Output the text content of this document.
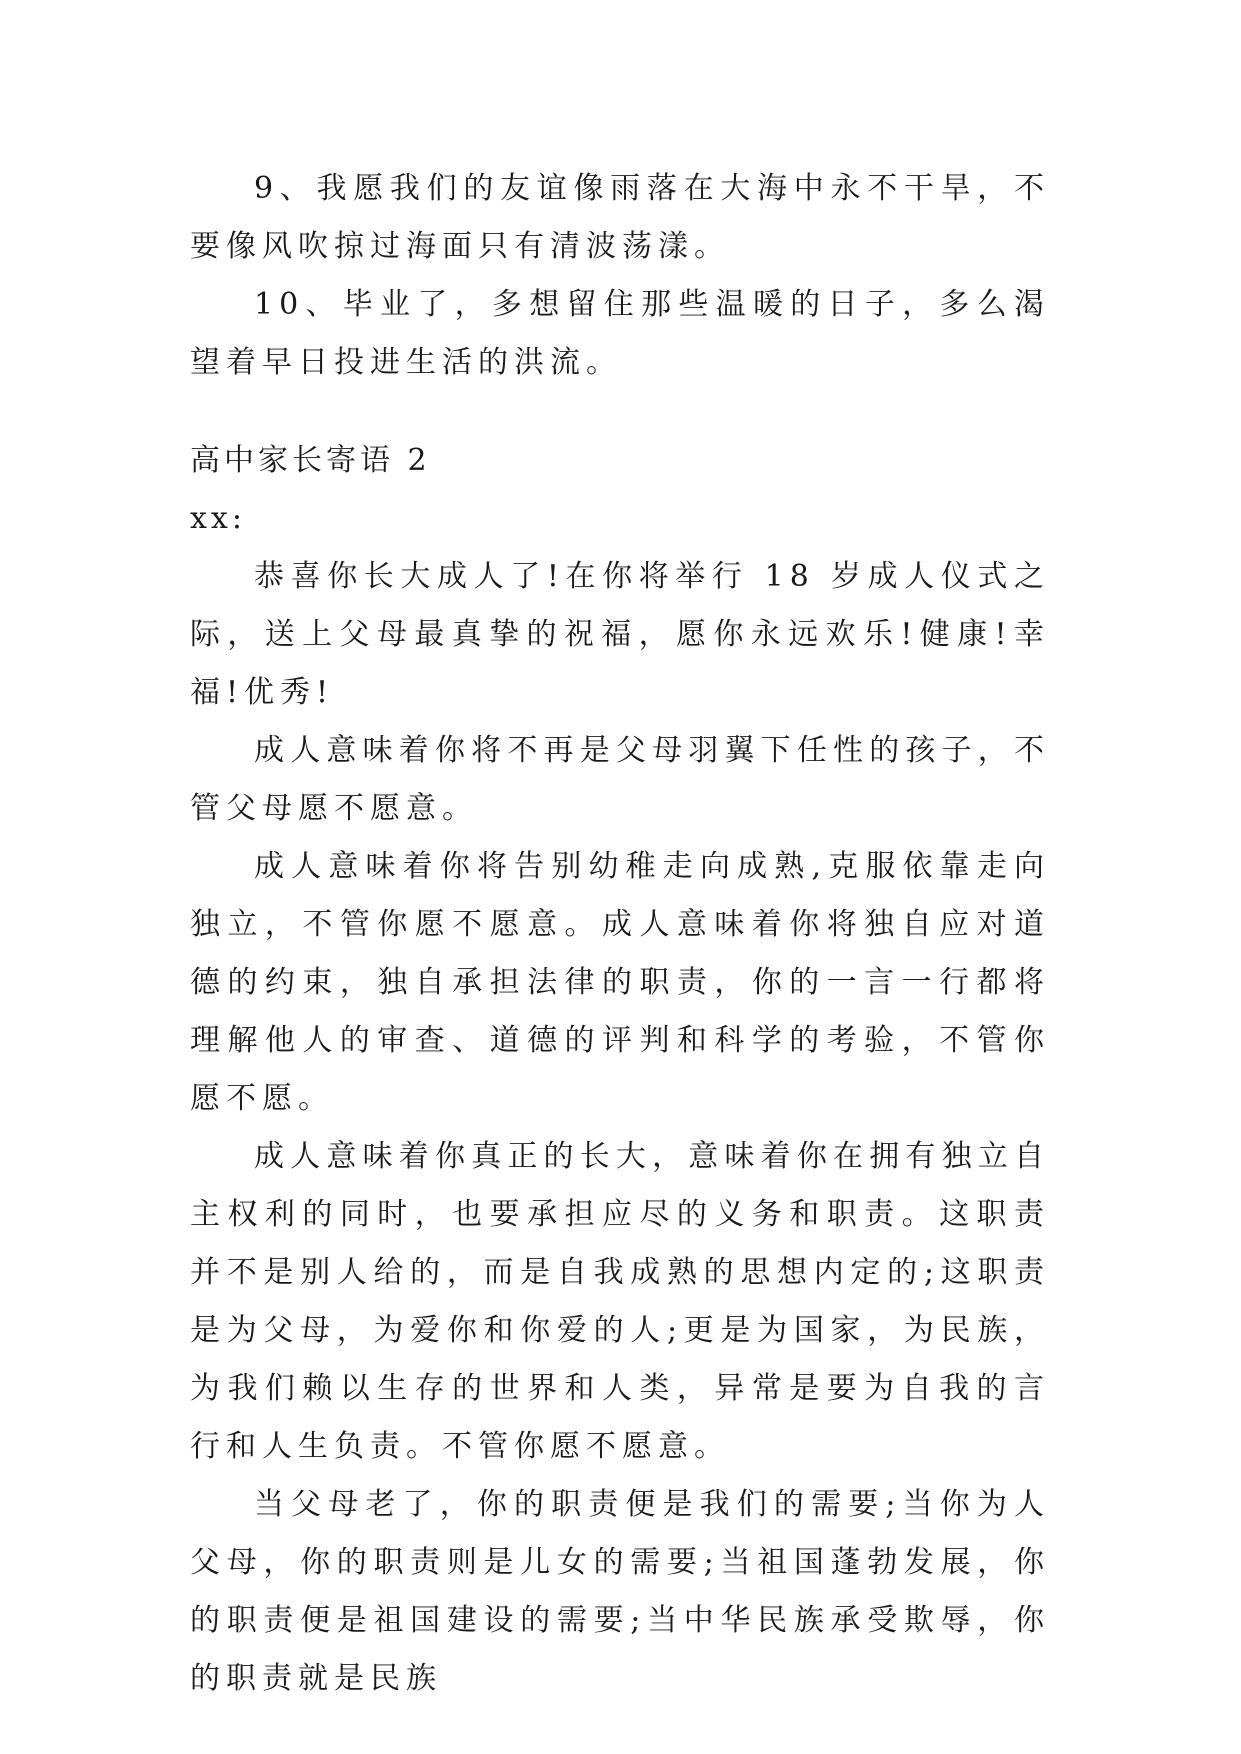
9、我愿我们的友谊像雨落在大海中永不干旱，不要像风吹掠过海面只有清波荡漾。

10、毕业了，多想留住那些温暖的日子，多么渴望着早日投进生活的洪流。

高中家长寄语 2

xx:

恭喜你长大成人了!在你将举行 18 岁成人仪式之际，送上父母最真挚的祝福，愿你永远欢乐!健康!幸福!优秀!

成人意味着你将不再是父母羽翼下任性的孩子，不管父母愿不愿意。

成人意味着你将告别幼稚走向成熟,克服依靠走向独立，不管你愿不愿意。成人意味着你将独自应对道德的约束，独自承担法律的职责，你的一言一行都将理解他人的审查、道德的评判和科学的考验，不管你愿不愿。

成人意味着你真正的长大，意味着你在拥有独立自主权利的同时，也要承担应尽的义务和职责。这职责并不是别人给的，而是自我成熟的思想内定的;这职责是为父母，为爱你和你爱的人;更是为国家，为民族，为我们赖以生存的世界和人类，异常是要为自我的言行和人生负责。不管你愿不愿意。

当父母老了，你的职责便是我们的需要;当你为人父母，你的职责则是儿女的需要;当祖国蓬勃发展，你的职责便是祖国建设的需要;当中华民族承受欺辱，你的职责就是民族
